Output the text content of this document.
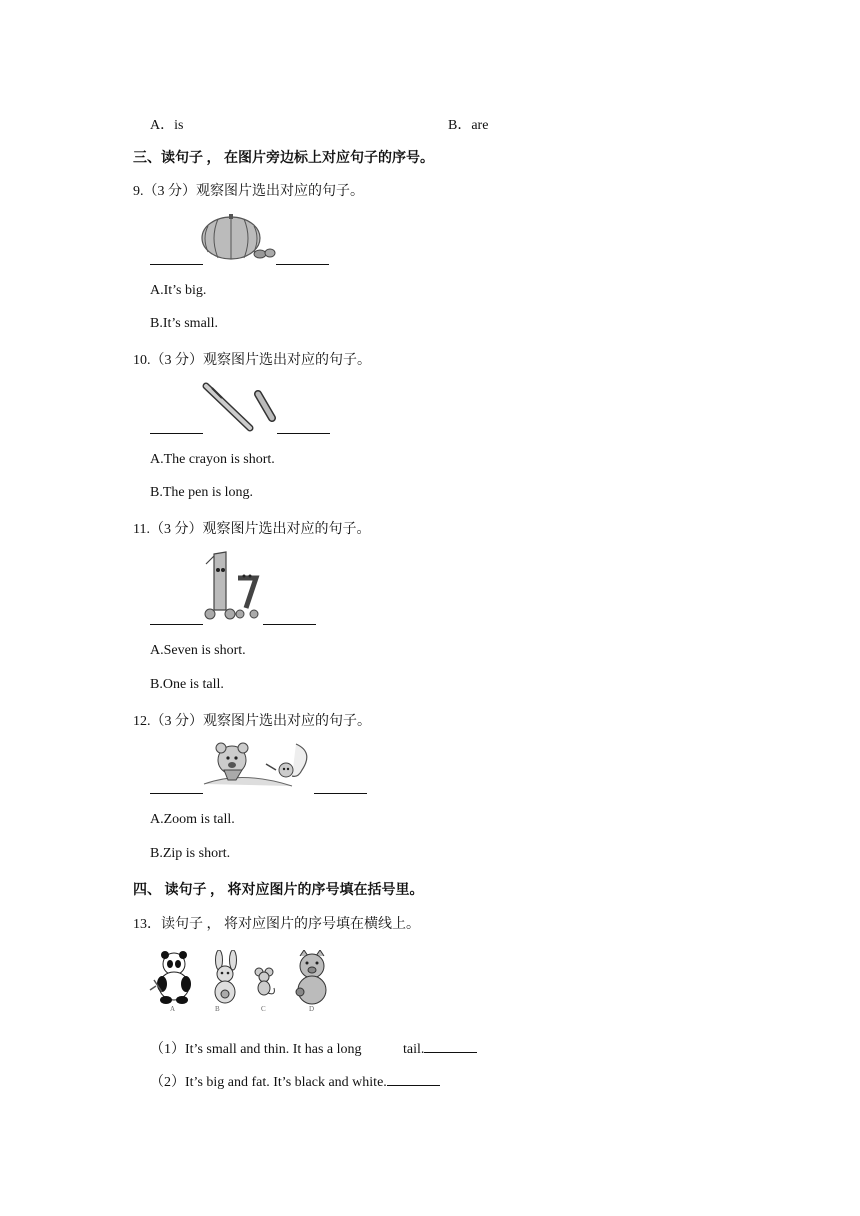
A．is	B．are
三、读句子 ， 在图片旁边标上对应句子的序号。
9.（3 分）观察图片选出对应的句子。
A.It’s big.
B.It’s small.
10.（3 分）观察图片选出对应的句子。
A.The crayon is short.
B.The pen is long.
11.（3 分）观察图片选出对应的句子。
A.Seven is short.
B.One is tall.
12.（3 分）观察图片选出对应的句子。
A.Zoom is tall.
B.Zip is short.
四、 读句子 ， 将对应图片的序号填在括号里。
13．读句子 ， 将对应图片的序号填在横线上。
A	B	C	D
（1）It’s small and thin. It has a long	tail.
（2）It’s big and fat. It’s black and white.
